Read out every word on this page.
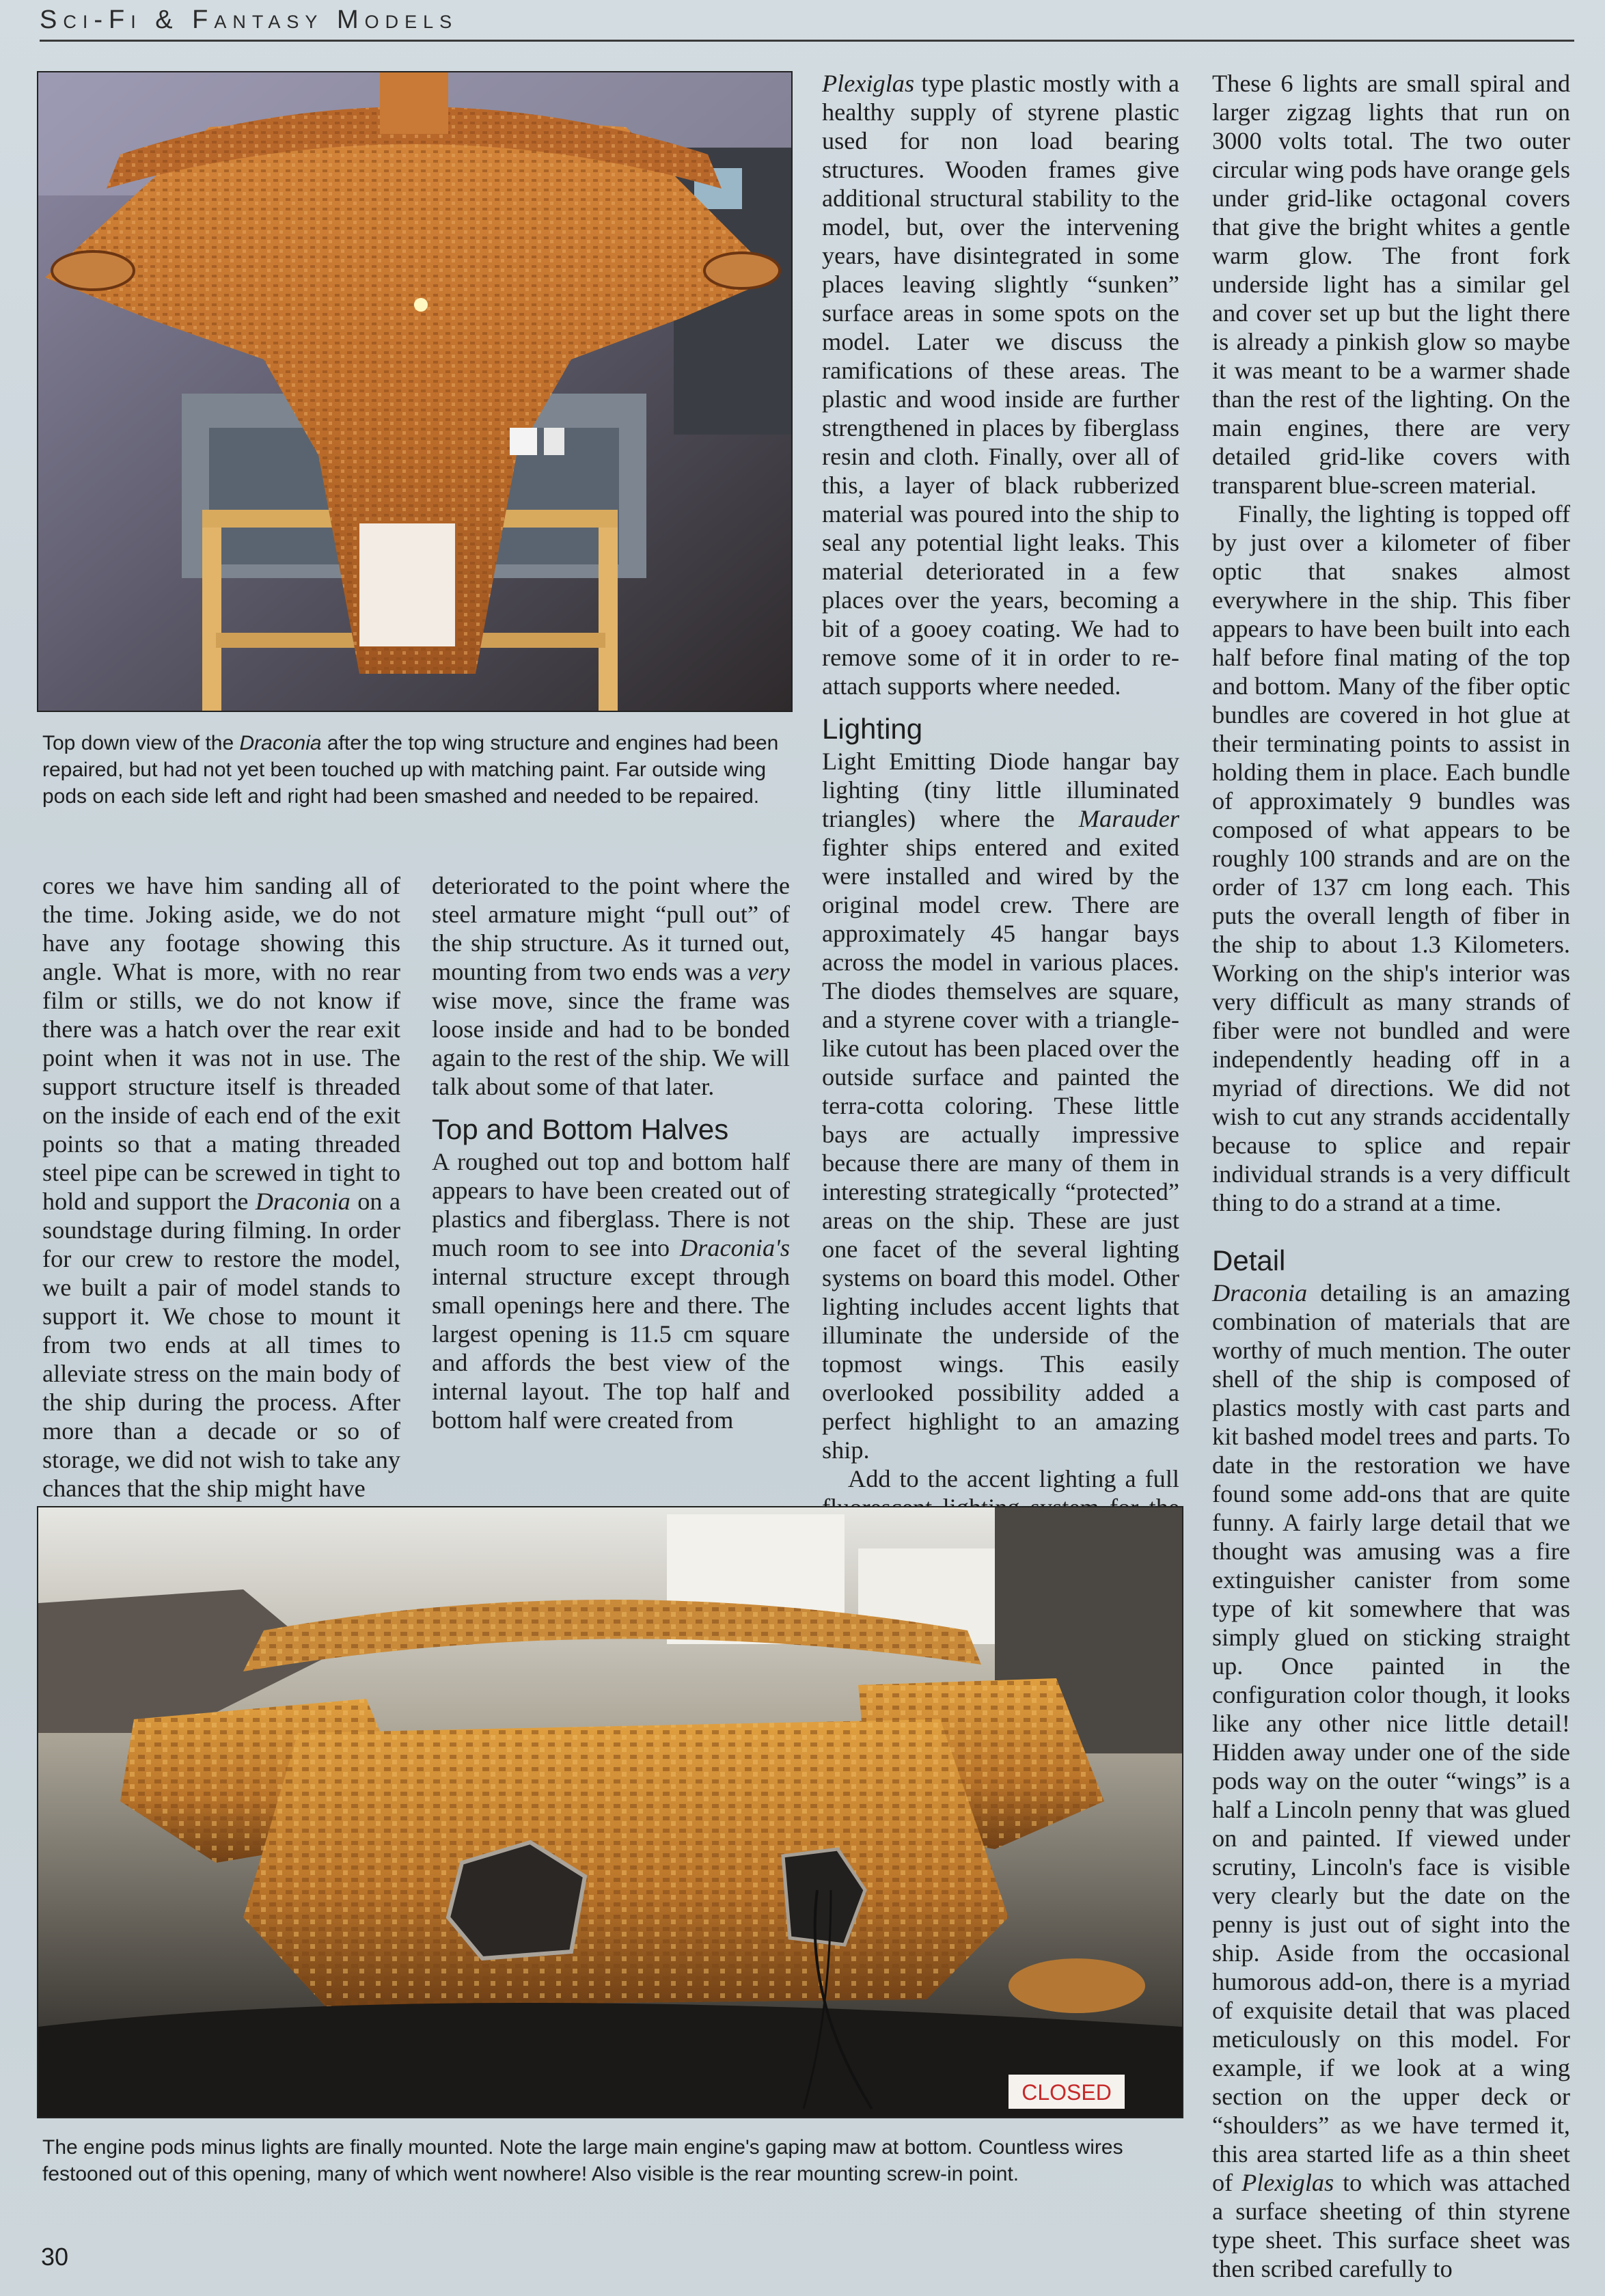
Sci-Fi & Fantasy Models
Top down view of the Draconia after the top wing structure and engines had been repaired, but had not yet been touched up with matching paint. Far outside wing pods on each side left and right had been smashed and needed to be repaired.

cores we have him sanding all of the time. Joking aside, we do not have any footage showing this angle. What is more, with no rear film or stills, we do not know if there was a hatch over the rear exit point when it was not in use. The support structure itself is threaded on the inside of each end of the exit points so that a mating threaded steel pipe can be screwed in tight to hold and support the Draconia on a soundstage during filming. In order for our crew to restore the model, we built a pair of model stands to support it. We chose to mount it from two ends at all times to alleviate stress on the main body of the ship during the process. After more than a decade or so of storage, we did not wish to take any chances that the ship might have

deteriorated to the point where the steel armature might “pull out” of the ship structure. As it turned out, mounting from two ends was a very wise move, since the frame was loose inside and had to be bonded again to the rest of the ship. We will talk about some of that later.

Top and Bottom Halves

A roughed out top and bottom half appears to have been created out of plastics and fiberglass. There is not much room to see into Draconia's internal structure except through small openings here and there. The largest opening is 11.5 cm square and affords the best view of the internal layout. The top half and bottom half were created from

Plexiglas type plastic mostly with a healthy supply of styrene plastic used for non load bearing structures. Wooden frames give additional structural stability to the model, but, over the intervening years, have disintegrated in some places leaving slightly “sunken” surface areas in some spots on the model. Later we discuss the ramifications of these areas. The plastic and wood inside are further strengthened in places by fiberglass resin and cloth. Finally, over all of this, a layer of black rubberized material was poured into the ship to seal any potential light leaks. This material deteriorated in a few places over the years, becoming a bit of a gooey coating. We had to remove some of it in order to re-attach supports where needed.

Lighting

Light Emitting Diode hangar bay lighting (tiny little illuminated triangles) where the Marauder fighter ships entered and exited were installed and wired by the original model crew. There are approximately 45 hangar bays across the model in various places. The diodes themselves are square, and a styrene cover with a triangle-like cutout has been placed over the outside surface and painted the terra-cotta coloring. These little bays are actually impressive because there are many of them in interesting strategically “protected” areas on the ship. These are just one facet of the several lighting systems on board this model. Other lighting includes accent lights that illuminate the underside of the topmost wings. This easily overlooked possibility added a perfect highlight to an amazing ship.

Add to the accent lighting a full

These 6 lights are small spiral and larger zigzag lights that run on 3000 volts total. The two outer circular wing pods have orange gels under grid-like octagonal covers that give the bright whites a gentle warm glow. The front fork underside light has a similar gel and cover set up but the light there is already a pinkish glow so maybe it was meant to be a warmer shade than the rest of the lighting. On the main engines, there are very detailed grid-like covers with transparent blue-screen material.

Finally, the lighting is topped off by just over a kilometer of fiber optic that snakes almost everywhere in the ship. This fiber appears to have been built into each half before final mating of the top and bottom. Many of the fiber optic bundles are covered in hot glue at their terminating points to assist in holding them in place. Each bundle of approximately 9 bundles was composed of what appears to be roughly 100 strands and are on the order of 137 cm long each. This puts the overall length of fiber in the ship to about 1.3 Kilometers. Working on the ship's interior was very difficult as many strands of fiber were not bundled and were independently heading off in a myriad of directions. We did not wish to cut any strands accidentally because to splice and repair individual strands is a very difficult thing to do a strand at a time.

Detail

Draconia detailing is an amazing combination of materials that are worthy of much mention. The outer shell of the ship is composed of plastics mostly with cast parts and kit bashed model trees and parts. To date in the restoration we have found some add-ons that are quite funny. A fairly large detail that we thought was amusing was a fire extinguisher canister from some type of kit somewhere that was simply glued on sticking straight up. Once painted in the configuration color though, it looks like any other nice little detail! Hidden away under one of the side pods way on the outer “wings” is a half a Lincoln penny that was glued on and painted. If viewed under scrutiny, Lincoln's face is visible very clearly but the date on the penny is just out of sight into the ship. Aside from the occasional humorous add-on, there is a myriad of exquisite detail that was placed meticulously on this model. For example, if we look at a wing section on the upper deck or “shoulders” as we have termed it, this area started life as a thin sheet of Plexiglas to which was attached a surface sheeting of thin styrene type sheet. This surface sheet was then scribed carefully to

CLOSED
The engine pods minus lights are finally mounted. Note the large main engine's gaping maw at bottom. Countless wires festooned out of this opening, many of which went nowhere! Also visible is the rear mounting screw-in point.
30
